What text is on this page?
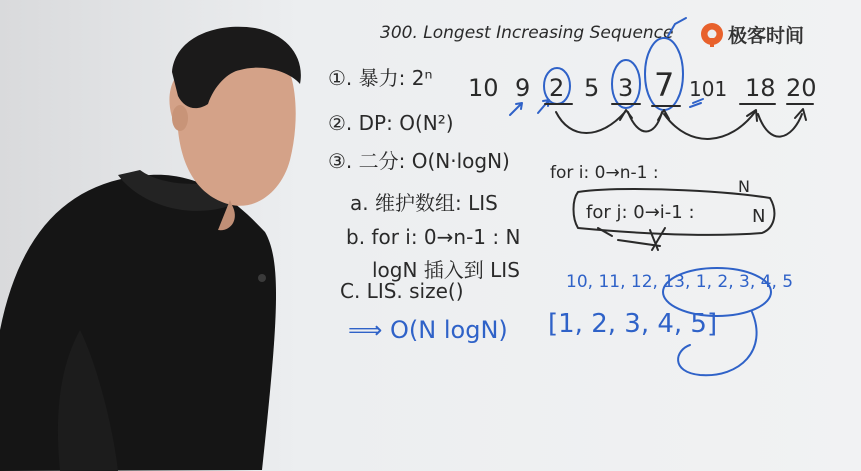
极客时间
300. Longest Increasing Sequence
10 9 2 5 3 7 101 18 20
①. 暴力: 2ⁿ
②. DP: O(N²)
③. 二分: O(N·logN)
a. 维护数组: LIS
b. for i: 0→n-1 : N
logN 插入到 LIS
C. LIS. size()
⟹ O(N logN)
for i: 0→n-1 :
N
for j: 0→i-1 :	N
10, 11, 12, 13, 1, 2, 3, 4, 5
[1, 2, 3, 4, 5]
